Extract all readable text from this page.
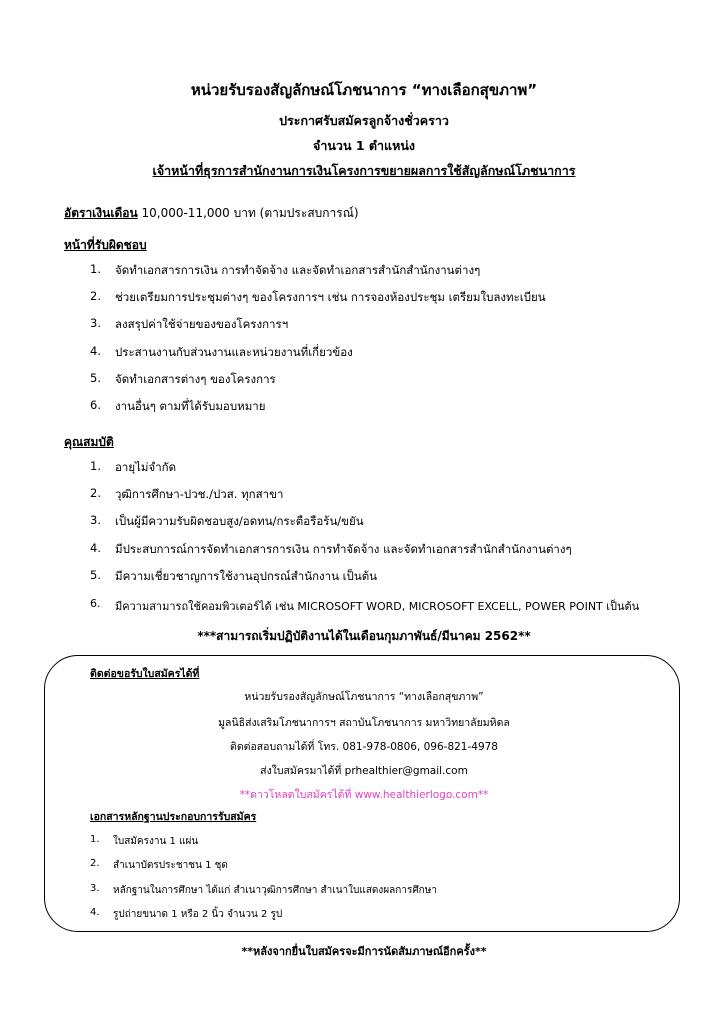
หน่วยรับรองสัญลักษณ์โภชนาการ “ทางเลือกสุขภาพ”
ประกาศรับสมัครลูกจ้างชั่วคราว
จำนวน 1 ตำแหน่ง
เจ้าหน้าที่ธุรการสำนักงานการเงินโครงการขยายผลการใช้สัญลักษณ์โภชนาการ
อัตราเงินเดือน 10,000-11,000 บาท (ตามประสบการณ์)
หน้าที่รับผิดชอบ
1. จัดทำเอกสารการเงิน การทำจัดจ้าง และจัดทำเอกสารสำนักสำนักงานต่างๆ
2. ช่วยเตรียมการประชุมต่างๆ ของโครงการฯ เช่น การจองห้องประชุม เตรียมใบลงทะเบียน
3. ลงสรุปค่าใช้จ่ายของของโครงการฯ
4. ประสานงานกับส่วนงานและหน่วยงานที่เกี่ยวข้อง
5. จัดทำเอกสารต่างๆ ของโครงการ
6. งานอื่นๆ ตามที่ได้รับมอบหมาย
คุณสมบัติ
1. อายุไม่จำกัด
2. วุฒิการศึกษา-ปวช./ปวส. ทุกสาขา
3. เป็นผู้มีความรับผิดชอบสูง/อดทน/กระตือรือร้น/ขยัน
4. มีประสบการณ์การจัดทำเอกสารการเงิน การทำจัดจ้าง และจัดทำเอกสารสำนักสำนักงานต่างๆ
5. มีความเชี่ยวชาญการใช้งานอุปกรณ์สำนักงาน เป็นต้น
6. มีความสามารถใช้คอมพิวเตอร์ได้ เช่น MICROSOFT WORD, MICROSOFT EXCELL, POWER POINT เป็นต้น
***สามารถเริ่มปฏิบัติงานได้ในเดือนกุมภาพันธ์/มีนาคม 2562**
ติดต่อขอรับใบสมัครได้ที่
หน่วยรับรองสัญลักษณ์โภชนาการ “ทางเลือกสุขภาพ”
มูลนิธิส่งเสริมโภชนาการฯ สถาบันโภชนาการ มหาวิทยาลัยมหิดล
ติดต่อสอบถามได้ที่ โทร. 081-978-0806, 096-821-4978
ส่งใบสมัครมาได้ที่ prhealthier@gmail.com
**ดาวโหลดใบสมัครได้ที่ www.healthierlogo.com**
เอกสารหลักฐานประกอบการรับสมัคร
1. ใบสมัครงาน 1 แผ่น
2. สำเนาบัตรประชาชน 1 ชุด
3. หลักฐานในการศึกษา ได้แก่ สำเนาวุฒิการศึกษา สำเนาใบแสดงผลการศึกษา
4. รูปถ่ายขนาด 1 หรือ 2 นิ้ว จำนวน 2 รูป
**หลังจากยื่นใบสมัครจะมีการนัดสัมภาษณ์อีกครั้ง**
